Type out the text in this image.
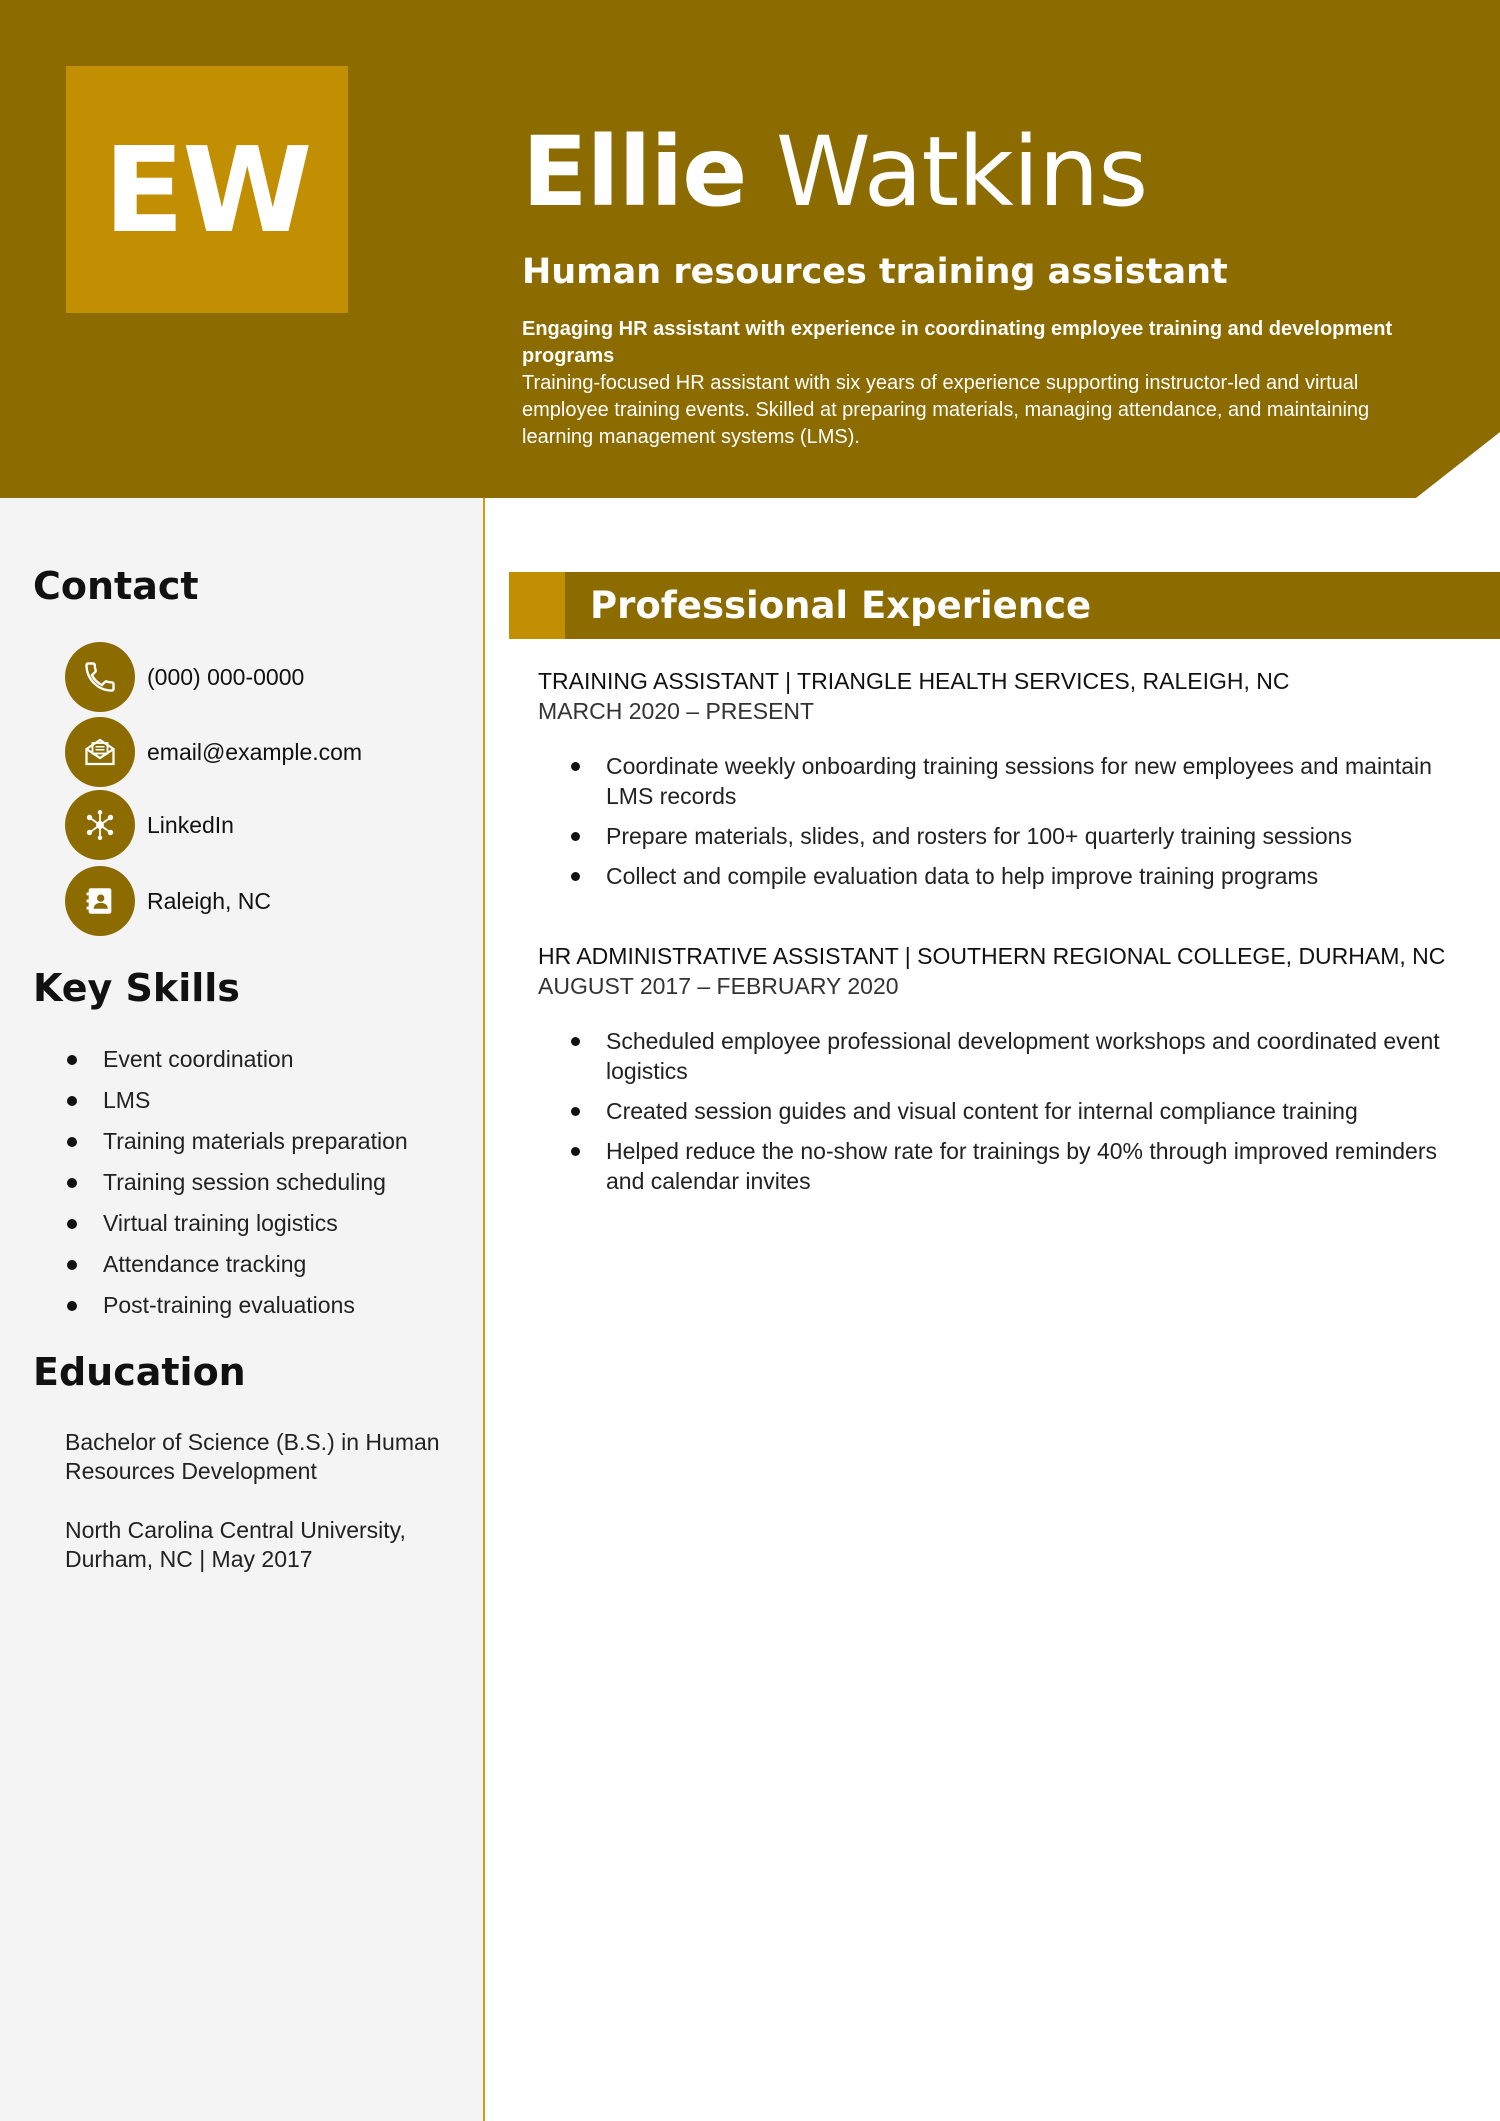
EW	Ellie Watkins
Human resources training assistant
Engaging HR assistant with experience in coordinating employee training and development programs
Training-focused HR assistant with six years of experience supporting instructor-led and virtual employee training events. Skilled at preparing materials, managing attendance, and maintaining learning management systems (LMS).
Contact
(000) 000-0000
email@example.com
LinkedIn
Raleigh, NC
Key Skills
Event coordination
LMS
Training materials preparation
Training session scheduling
Virtual training logistics
Attendance tracking
Post-training evaluations
Education
Bachelor of Science (B.S.) in Human Resources Development
North Carolina Central University, Durham, NC | May 2017
Professional Experience
TRAINING ASSISTANT | TRIANGLE HEALTH SERVICES, RALEIGH, NC
MARCH 2020 – PRESENT
Coordinate weekly onboarding training sessions for new employees and maintain LMS records
Prepare materials, slides, and rosters for 100+ quarterly training sessions
Collect and compile evaluation data to help improve training programs
HR ADMINISTRATIVE ASSISTANT | SOUTHERN REGIONAL COLLEGE, DURHAM, NC
AUGUST 2017 – FEBRUARY 2020
Scheduled employee professional development workshops and coordinated event logistics
Created session guides and visual content for internal compliance training
Helped reduce the no-show rate for trainings by 40% through improved reminders and calendar invites
